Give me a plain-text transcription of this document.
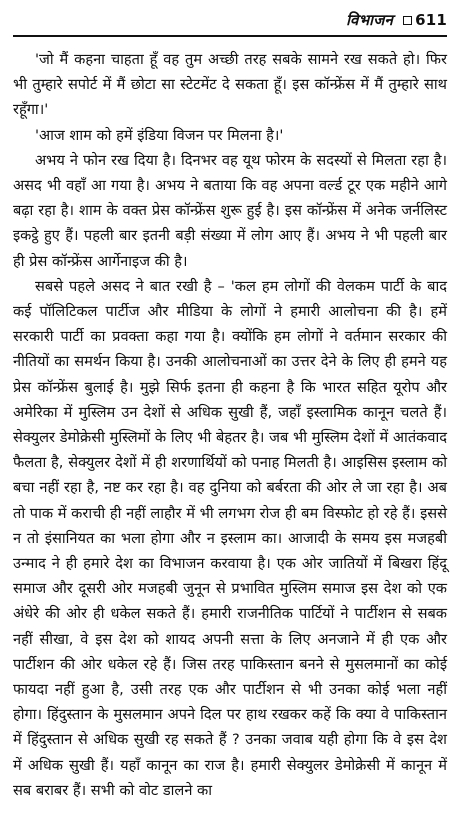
विभाजन 611

'जो मैं कहना चाहता हूँ वह तुम अच्छी तरह सबके सामने रख सकते हो। फिर भी तुम्हारे सपोर्ट में मैं छोटा सा स्टेटमेंट दे सकता हूँ। इस कॉन्फ्रेंस में मैं तुम्हारे साथ रहूँगा।'

'आज शाम को हमें इंडिया विजन पर मिलना है।'

अभय ने फोन रख दिया है। दिनभर वह यूथ फोरम के सदस्यों से मिलता रहा है। असद भी वहाँ आ गया है। अभय ने बताया कि वह अपना वर्ल्ड टूर एक महीने आगे बढ़ा रहा है। शाम के वक्त प्रेस कॉन्फ्रेंस शुरू हुई है। इस कॉन्फ्रेंस में अनेक जर्नलिस्ट इकट्ठे हुए हैं। पहली बार इतनी बड़ी संख्या में लोग आए हैं। अभय ने भी पहली बार ही प्रेस कॉन्फ्रेंस आर्गेनाइज की है।

सबसे पहले असद ने बात रखी है – 'कल हम लोगों की वेलकम पार्टी के बाद कई पॉलिटिकल पार्टीज और मीडिया के लोगों ने हमारी आलोचना की है। हमें सरकारी पार्टी का प्रवक्ता कहा गया है। क्योंकि हम लोगों ने वर्तमान सरकार की नीतियों का समर्थन किया है। उनकी आलोचनाओं का उत्तर देने के लिए ही हमने यह प्रेस कॉन्फ्रेंस बुलाई है। मुझे सिर्फ इतना ही कहना है कि भारत सहित यूरोप और अमेरिका में मुस्लिम उन देशों से अधिक सुखी हैं, जहाँ इस्लामिक कानून चलते हैं। सेक्युलर डेमोक्रेसी मुस्लिमों के लिए भी बेहतर है। जब भी मुस्लिम देशों में आतंकवाद फैलता है, सेक्युलर देशों में ही शरणार्थियों को पनाह मिलती है। आइसिस इस्लाम को बचा नहीं रहा है, नष्ट कर रहा है। वह दुनिया को बर्बरता की ओर ले जा रहा है। अब तो पाक में कराची ही नहीं लाहौर में भी लगभग रोज ही बम विस्फोट हो रहे हैं। इससे न तो इंसानियत का भला होगा और न इस्लाम का। आजादी के समय इस मजहबी उन्माद ने ही हमारे देश का विभाजन करवाया है। एक ओर जातियों में बिखरा हिंदू समाज और दूसरी ओर मजहबी जुनून से प्रभावित मुस्लिम समाज इस देश को एक अंधेरे की ओर ही धकेल सकते हैं। हमारी राजनीतिक पार्टियों ने पार्टीशन से सबक नहीं सीखा, वे इस देश को शायद अपनी सत्ता के लिए अनजाने में ही एक और पार्टीशन की ओर धकेल रहे हैं। जिस तरह पाकिस्तान बनने से मुसलमानों का कोई फायदा नहीं हुआ है, उसी तरह एक और पार्टीशन से भी उनका कोई भला नहीं होगा। हिंदुस्तान के मुसलमान अपने दिल पर हाथ रखकर कहें कि क्या वे पाकिस्तान में हिंदुस्तान से अधिक सुखी रह सकते हैं ? उनका जवाब यही होगा कि वे इस देश में अधिक सुखी हैं। यहाँ कानून का राज है। हमारी सेक्युलर डेमोक्रेसी में कानून में सब बराबर हैं। सभी को वोट डालने का
